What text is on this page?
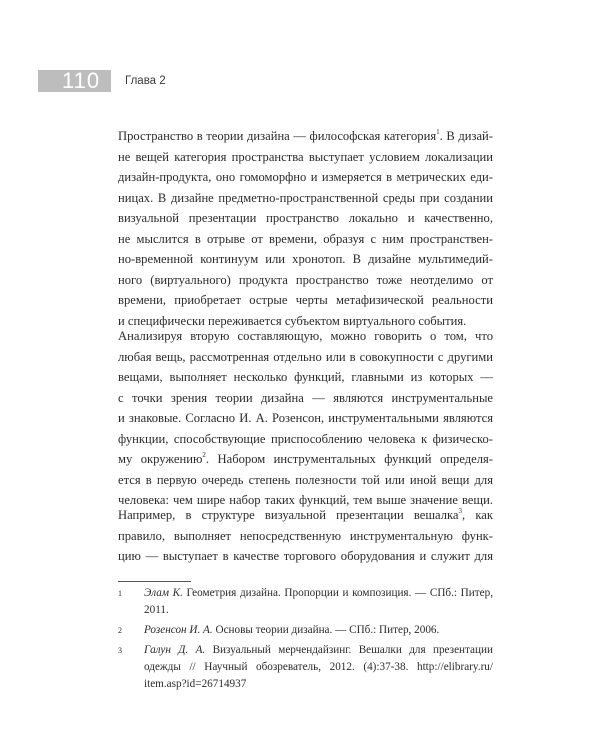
110 Глава 2
Пространство в теории дизайна — философская категория$^1$. В дизай-
не вещей категория пространства выступает условием локализации
дизайн-продукта, оно гомоморфно и измеряется в метрических еди-
ницах. В дизайне предметно-пространственной среды при создании
визуальной презентации пространство локально и качественно,
не мыслится в отрыве от времени, образуя с ним пространствен-
но-временной континуум или хронотоп. В дизайне мультимедий-
ного (виртуального) продукта пространство тоже неотделимо от
времени, приобретает острые черты метафизической реальности
и специфически переживается субъектом виртуального события.
Анализируя вторую составляющую, можно говорить о том, что
любая вещь, рассмотренная отдельно или в совокупности с другими
вещами, выполняет несколько функций, главными из которых —
с точки зрения теории дизайна — являются инструментальные
и знаковые. Согласно И. А. Розенсон, инструментальными являются
функции, способствующие приспособлению человека к физическо-
му окружению$^2$. Набором инструментальных функций определя-
ется в первую очередь степень полезности той или иной вещи для
человека: чем шире набор таких функций, тем выше значение вещи.
Например, в структуре визуальной презентации вешалка$^3$, как
правило, выполняет непосредственную инструментальную функ-
цию — выступает в качестве торгового оборудования и служит для
1 Элам К. Геометрия дизайна. Пропорции и композиция. — СПб.: Питер,
2011.
2 Розенсон И. А. Основы теории дизайна. — СПб.: Питер, 2006.
3 Галун Д. А. Визуальный мерчендайзинг. Вешалки для презентации
одежды // Научный обозреватель, 2012. (4):37-38. http://elibrary.ru/
item.asp?id=26714937
